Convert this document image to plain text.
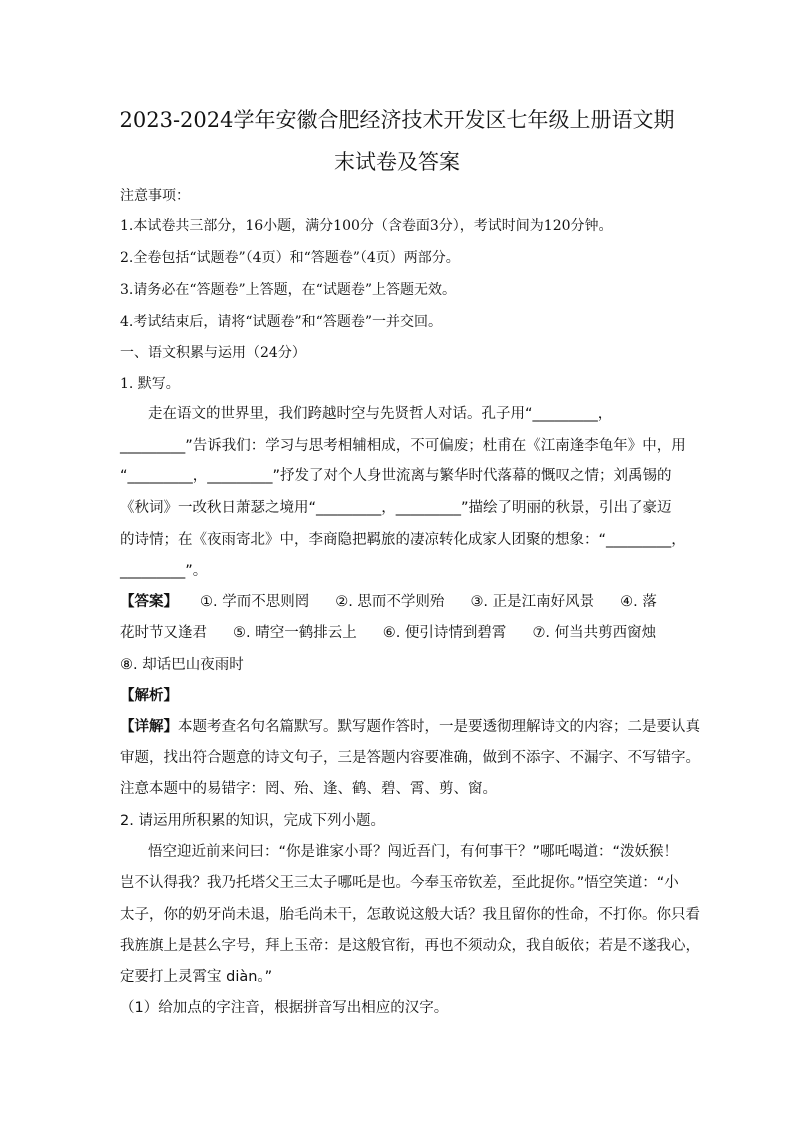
2023-2024学年安徽合肥经济技术开发区七年级上册语文期
末试卷及答案
注意事项：
1.本试卷共三部分，16小题，满分100分（含卷面3分），考试时间为120分钟。
2.全卷包括“试题卷”（4页）和“答题卷”（4页）两部分。
3.请务必在“答题卷”上答题，在“试题卷”上答题无效。
4.考试结束后，请将“试题卷”和“答题卷”一并交回。
一、语文积累与运用（24分）
1. 默写。
走在语文的世界里，我们跨越时空与先贤哲人对话。孔子用“_________，
_________”告诉我们：学习与思考相辅相成，不可偏废；杜甫在《江南逢李龟年》中，用
“_________，_________”抒发了对个人身世流离与繁华时代落幕的慨叹之情；刘禹锡的
《秋词》一改秋日萧瑟之境用“_________，_________”描绘了明丽的秋景，引出了豪迈
的诗情；在《夜雨寄北》中，李商隐把羁旅的凄凉转化成家人团聚的想象：“_________，
_________”。
【答案】 ①. 学而不思则罔 ②. 思而不学则殆 ③. 正是江南好风景 ④. 落
花时节又逢君 ⑤. 晴空一鹤排云上 ⑥. 便引诗情到碧霄 ⑦. 何当共剪西窗烛
⑧. 却话巴山夜雨时
【解析】
【详解】本题考查名句名篇默写。默写题作答时，一是要透彻理解诗文的内容；二是要认真
审题，找出符合题意的诗文句子，三是答题内容要准确，做到不添字、不漏字、不写错字。
注意本题中的易错字：罔、殆、逢、鹤、碧、霄、剪、窗。
2. 请运用所积累的知识，完成下列小题。
悟空迎近前来问曰：“你是谁家小哥？闯近吾门，有何事干？”哪吒喝道：“泼妖猴！
岂不认得我？我乃托塔父王三太子哪吒是也。今奉玉帝钦差，至此捉你。”悟空笑道：“小
太子，你的奶牙尚未退，胎毛尚未干，怎敢说这般大话？我且留你的性命，不打你。你只看
我旌旗上是甚么字号，拜上玉帝：是这般官衔，再也不须动众，我自皈依；若是不遂我心，
定要打上灵霄宝 diàn。”
（1）给加点的字注音，根据拼音写出相应的汉字。
